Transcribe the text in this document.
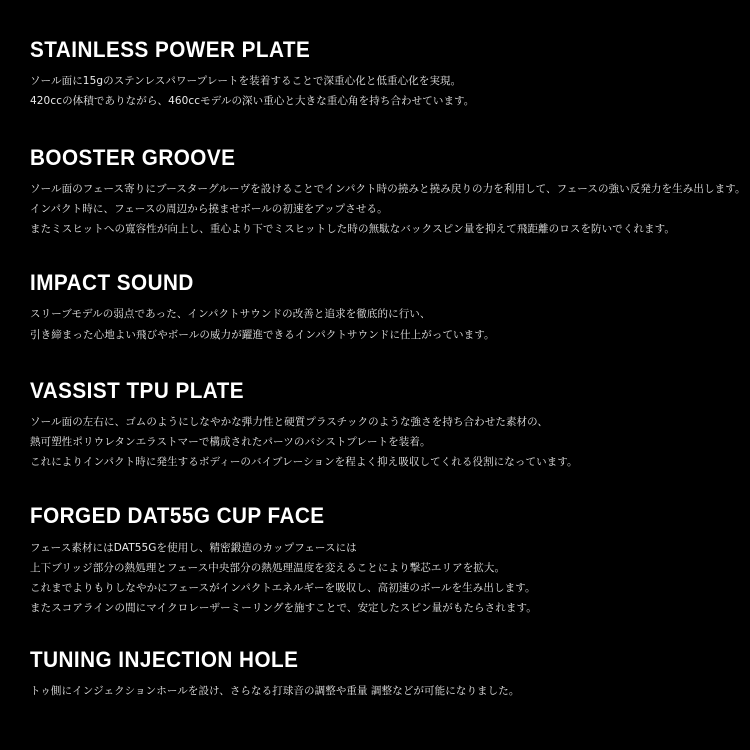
STAINLESS POWER PLATE
ソール面に15gのステンレスパワープレートを装着することで深重心化と低重心化を実現。
420ccの体積でありながら、460ccモデルの深い重心と大きな重心角を持ち合わせています。
BOOSTER GROOVE
ソール面のフェース寄りにブースターグルーヴを設けることでインパクト時の撓みと撓み戻りの力を利用して、フェースの強い反発力を生み出します。
インパクト時に、フェースの周辺から撓ませボールの初速をアップさせる。
またミスヒットへの寛容性が向上し、重心より下でミスヒットした時の無駄なバックスピン量を抑えて飛距離のロスを防いでくれます。
IMPACT SOUND
スリーブモデルの弱点であった、インパクトサウンドの改善と追求を徹底的に行い、
引き締まった心地よい飛びやボールの威力が躍進できるインパクトサウンドに仕上がっています。
VASSIST TPU PLATE
ソール面の左右に、ゴムのようにしなやかな弾力性と硬質プラスチックのような強さを持ち合わせた素材の、
熱可塑性ポリウレタンエラストマーで構成されたパーツのバシストプレートを装着。
これによりインパクト時に発生するボディーのバイブレーションを程よく抑え吸収してくれる役割になっています。
FORGED DAT55G CUP FACE
フェース素材にはDAT55Gを使用し、精密鍛造のカップフェースには
上下ブリッジ部分の熱処理とフェース中央部分の熱処理温度を変えることにより撃芯エリアを拡大。
これまでよりもりしなやかにフェースがインパクトエネルギーを吸収し、高初速のボールを生み出します。
またスコアラインの間にマイクロレーザーミーリングを施すことで、安定したスピン量がもたらされます。
TUNING INJECTION HOLE
トゥ側にインジェクションホールを設け、さらなる打球音の調整や重量 調整などが可能になりました。
